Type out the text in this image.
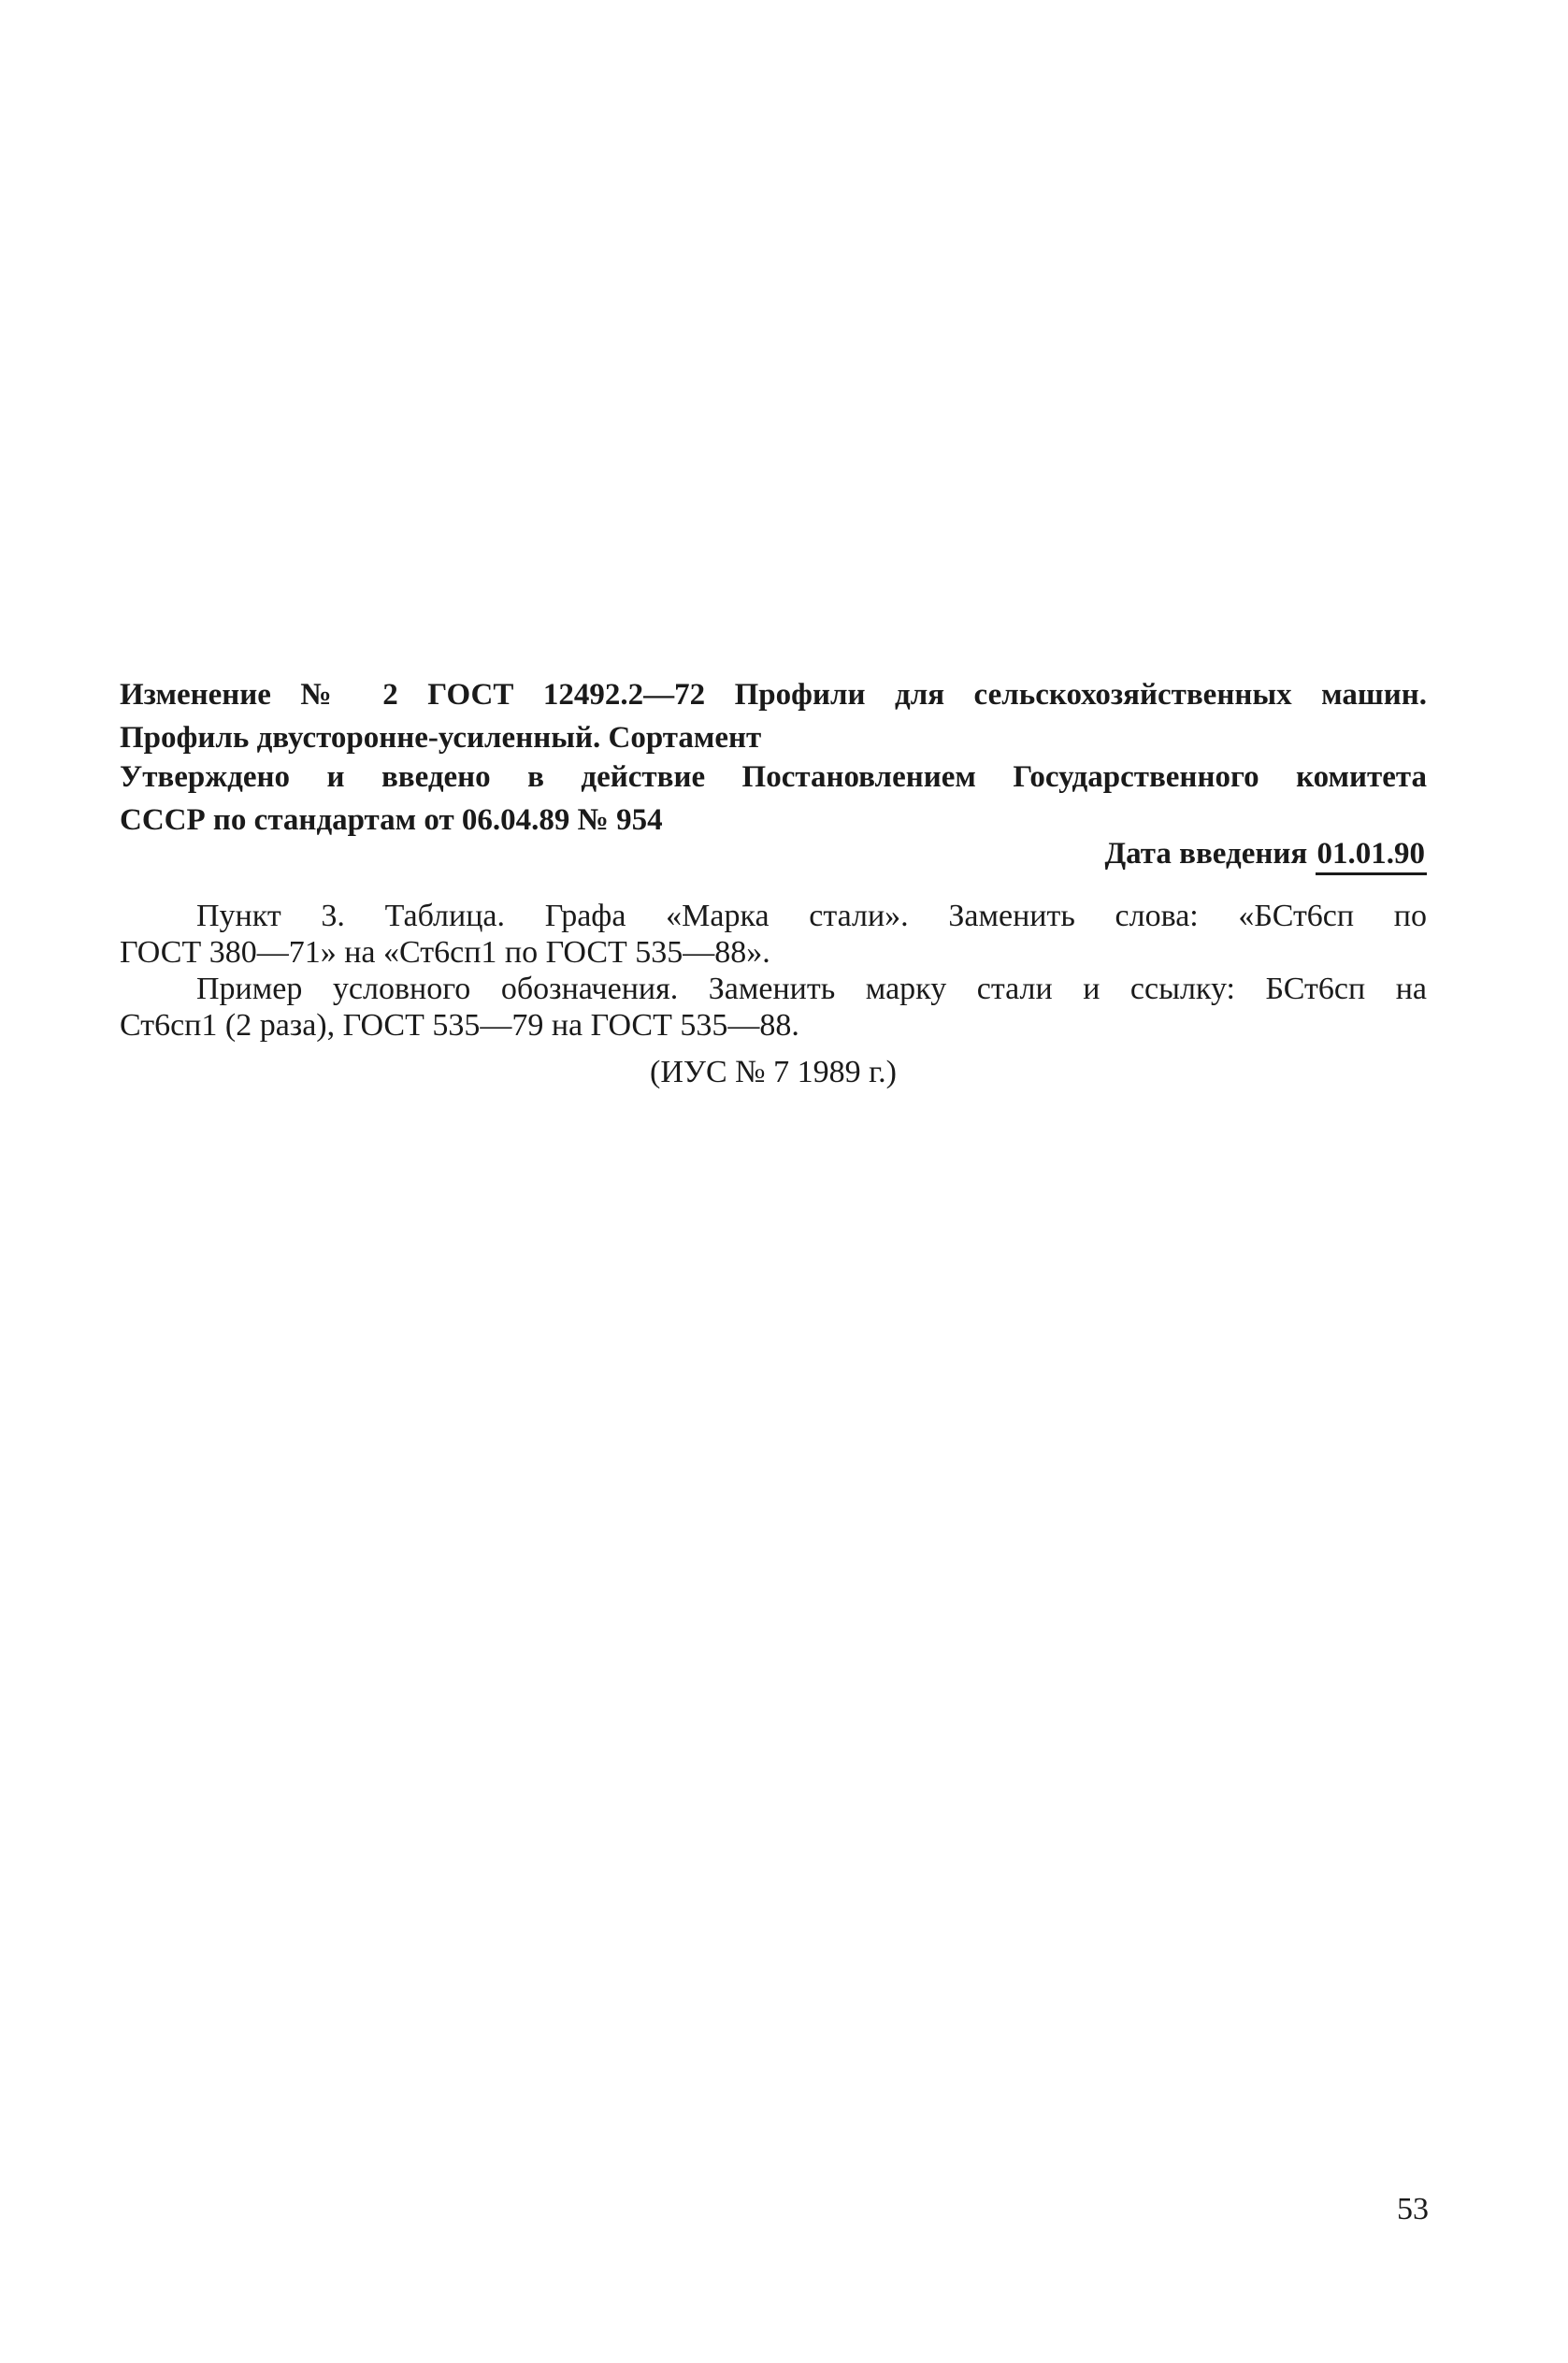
Изменение № 2 ГОСТ 12492.2—72 Профили для сельскохозяйственных машин.
Профиль двусторонне-усиленный. Сортамент
Утверждено и введено в действие Постановлением Государственного комитета
СССР по стандартам от 06.04.89 № 954
Дата введения 01.01.90
Пункт 3. Таблица. Графа «Марка стали». Заменить слова: «БСт6сп по
ГОСТ 380—71» на «Ст6сп1 по ГОСТ 535—88».
Пример условного обозначения. Заменить марку стали и ссылку: БСт6сп на
Ст6сп1 (2 раза), ГОСТ 535—79 на ГОСТ 535—88.
(ИУС № 7 1989 г.)
53
